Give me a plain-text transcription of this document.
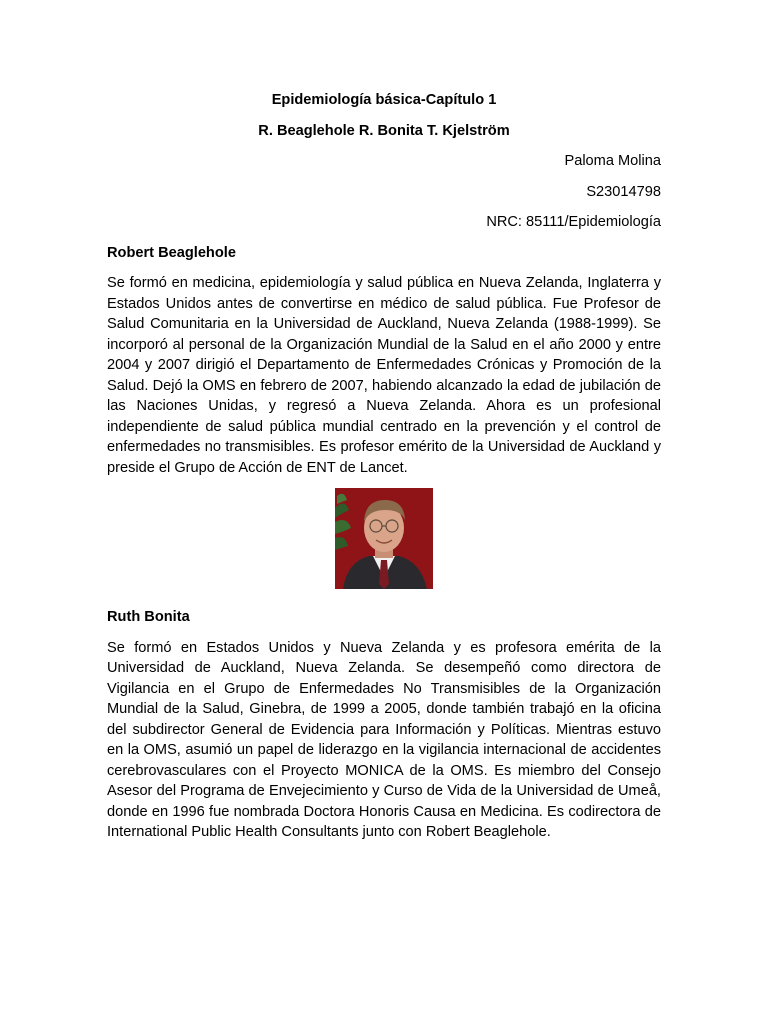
Epidemiología básica-Capítulo 1

R. Beaglehole R. Bonita T. Kjelström

Paloma Molina

S23014798

NRC: 85111/Epidemiología

Robert Beaglehole

Se formó en medicina, epidemiología y salud pública en Nueva Zelanda, Inglaterra y Estados Unidos antes de convertirse en médico de salud pública. Fue Profesor de Salud Comunitaria en la Universidad de Auckland, Nueva Zelanda (1988-1999). Se incorporó al personal de la Organización Mundial de la Salud en el año 2000 y entre 2004 y 2007 dirigió el Departamento de Enfermedades Crónicas y Promoción de la Salud. Dejó la OMS en febrero de 2007, habiendo alcanzado la edad de jubilación de las Naciones Unidas, y regresó a Nueva Zelanda. Ahora es un profesional independiente de salud pública mundial centrado en la prevención y el control de enfermedades no transmisibles. Es profesor emérito de la Universidad de Auckland y preside el Grupo de Acción de ENT de Lancet.

Ruth Bonita

Se formó en Estados Unidos y Nueva Zelanda y es profesora emérita de la Universidad de Auckland, Nueva Zelanda. Se desempeñó como directora de Vigilancia en el Grupo de Enfermedades No Transmisibles de la Organización Mundial de la Salud, Ginebra, de 1999 a 2005, donde también trabajó en la oficina del subdirector General de Evidencia para Información y Políticas. Mientras estuvo en la OMS, asumió un papel de liderazgo en la vigilancia internacional de accidentes cerebrovasculares con el Proyecto MONICA de la OMS. Es miembro del Consejo Asesor del Programa de Envejecimiento y Curso de Vida de la Universidad de Umeå, donde en 1996 fue nombrada Doctora Honoris Causa en Medicina. Es codirectora de International Public Health Consultants junto con Robert Beaglehole.
